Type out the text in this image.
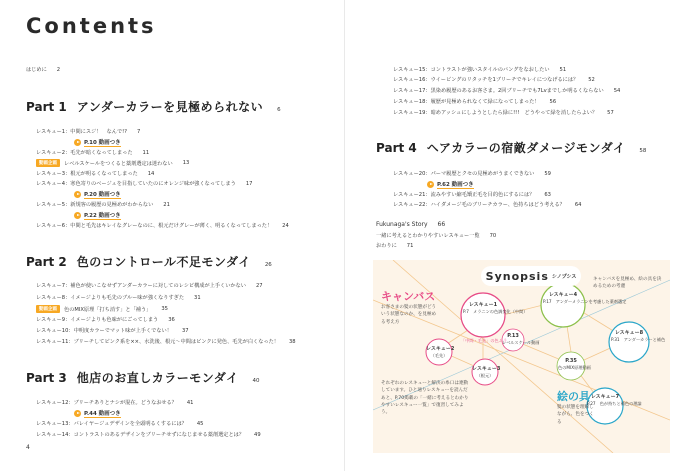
Contents
はじめに 2
Part 1 アンダーカラーを見極められない	6
レスキュー1：中間にスジ！　なんで!? 7
P.10 動画つき
レスキュー2：毛先が暗くなってしまった 11
動画企画	レベルスケールをつくると薬剤選定は迷わない 13
レスキュー3：根元が明るくなってしまった 14
レスキュー4：寒色寄りのベージュを目指していたのにオレンジ味が強くなってしまう 17
P.20 動画つき
レスキュー5：新規客の履歴の見極めがわからない 21
P.22 動画つき
レスキュー6：中間と毛先はキレイなグレーなのに、根元だけグレーが薄く、明るくなってしまった！ 24
Part 2 色のコントロール不足モンダイ	26
レスキュー7：補色が使いこなせずアンダーカラーに対してのレシピ構成が上手くいかない 27
レスキュー8：イメージよりも毛先のブルー味が強くなりすぎた 31
動画企画	色のMIX原理「打ち消す」と「補う」 35
レスキュー9：イメージよりも色味がにごってしまう 36
レスキュー10：中明度カラーでマット味が上手くでない！ 37
レスキュー11：ブリーチしてピンク系を××、水洗後、根元〜中間はピンクに発色、毛先が白くなった！ 38
Part 3 他店のお直しカラーモンダイ	40
レスキュー12：ブリーチありとナシが混在。どうなおせる？ 41
P.44 動画つき
レスキュー13：バレイヤージュデザインを全頭明るくするには？ 45
レスキュー14：コントラストのあるデザインをブリーチせずになじませる薬剤選定とは？ 49
4
レスキュー15：コントラストが強いスタイルのバングをなおしたい 51
レスキュー16：ウイービングのリタッチを1ブリーチでキレイにつなげるには？ 52
レスキュー17：黒染め履歴のあるお客さま。2回ブリーチでも7Lvまでしか明るくならない 54
レスキュー18：履歴が見極められなくて緑になってしまった！ 56
レスキュー19：暗めアッシュにしようとしたら緑に!!!　どうやって緑を消したらよい？ 57
Part 4 ヘアカラーの宿敵ダメージモンダイ	58
レスキュー20：パーマ履歴とクセの見極めがうまくできない 59
P.62 動画つき
レスキュー21：流みやすい縮毛矯正毛を目的色にするには？ 63
レスキュー22：ハイダメージ毛のブリーチカラー、色持ちはどう考える？ 64
Fukunaga's Story 66
一緒に考えるとわかりやすいレスキュー一覧 70
おわりに 71
Synopsis シノプシス
キャンバス
お客さまの髪の状態がどういう状態なのか、を見極める考え方
キャンバスを見極め、絵の具を決めるための考慮
それぞれのレスキューと解決の糸口は連動しています。ひと通りレスキューを読んだあと、P.70掲載の「一緒に考えるとわかりやすいレスキュー一覧」で復習してみよう。
絵の具
髪の状態を理解しながら、色をつくる
レスキュー1
P.7　メラニンの色調変化（中間）
レスキュー4
P.17　アンダーメラニンを考慮した薬剤選定
レスキュー8
P.31　アンダーカラーと補色
レスキュー2
（毛先）
レスキュー3
（根元）
P.13
レベルスケール動画
P.35
色のMIX原理動画
レスキュー7
P.27　色が持ちと補色の理論
「中間・毛先」の色ムラ
